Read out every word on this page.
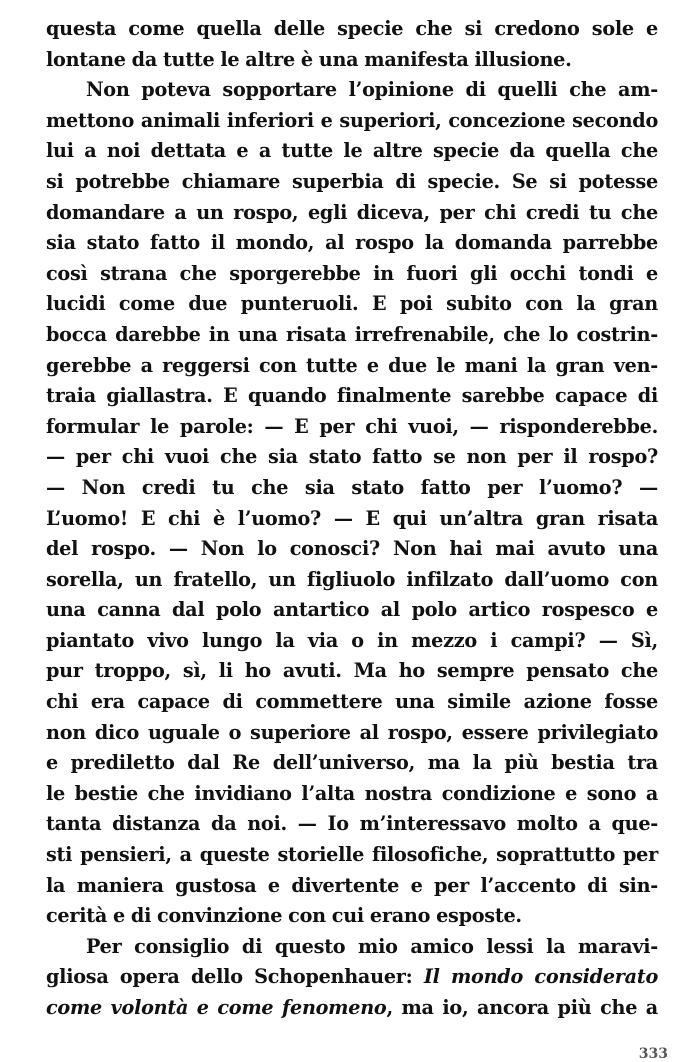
questa come quella delle specie che si credono sole e
lontane da tutte le altre è una manifesta illusione.
Non poteva sopportare l’opinione di quelli che am-
mettono animali inferiori e superiori, concezione secondo
lui a noi dettata e a tutte le altre specie da quella che
si potrebbe chiamare superbia di specie. Se si potesse
domandare a un rospo, egli diceva, per chi credi tu che
sia stato fatto il mondo, al rospo la domanda parrebbe
così strana che sporgerebbe in fuori gli occhi tondi e
lucidi come due punteruoli. E poi subito con la gran
bocca darebbe in una risata irrefrenabile, che lo costrin-
gerebbe a reggersi con tutte e due le mani la gran ven-
traia giallastra. E quando finalmente sarebbe capace di
formular le parole: — E per chi vuoi, — risponderebbe.
— per chi vuoi che sia stato fatto se non per il rospo?
— Non credi tu che sia stato fatto per l’uomo? —
L’uomo! E chi è l’uomo? — E qui un’altra gran risata
del rospo. — Non lo conosci? Non hai mai avuto una
sorella, un fratello, un figliuolo infilzato dall’uomo con
una canna dal polo antartico al polo artico rospesco e
piantato vivo lungo la via o in mezzo i campi? — Sì,
pur troppo, sì, li ho avuti. Ma ho sempre pensato che
chi era capace di commettere una simile azione fosse
non dico uguale o superiore al rospo, essere privilegiato
e prediletto dal Re dell’universo, ma la più bestia tra
le bestie che invidiano l’alta nostra condizione e sono a
tanta distanza da noi. — Io m’interessavo molto a que-
sti pensieri, a queste storielle filosofiche, soprattutto per
la maniera gustosa e divertente e per l’accento di sin-
cerità e di convinzione con cui erano esposte.
Per consiglio di questo mio amico lessi la maravi-
gliosa opera dello Schopenhauer: Il mondo considerato
come volontà e come fenomeno, ma io, ancora più che a
333
